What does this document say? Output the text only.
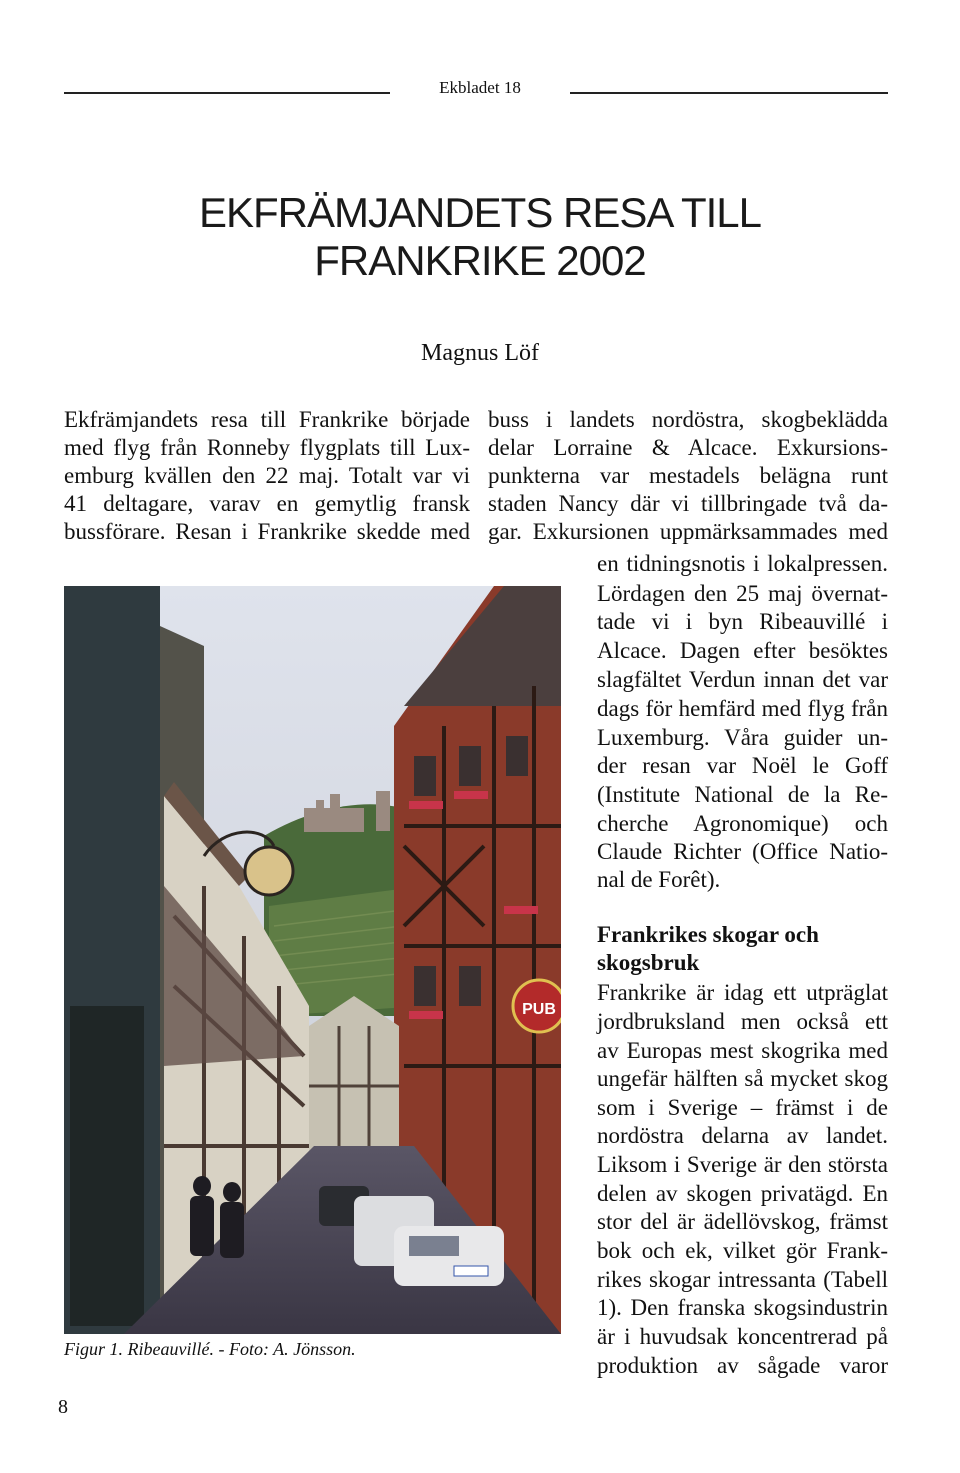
Ekbladet 18
EKFRÄMJANDETS RESA TILL
FRANKRIKE 2002
Magnus Löf
Ekfrämjandets resa till Frankrike började
med flyg från Ronneby flygplats till Lux-
emburg kvällen den 22 maj. Totalt var vi
41 deltagare, varav en gemytlig fransk
bussförare. Resan i Frankrike skedde med
buss i landets nordöstra, skogbeklädda
delar Lorraine & Alcace. Exkursions-
punkterna var mestadels belägna runt
staden Nancy där vi tillbringade två da-
gar. Exkursionen uppmärksammades med
en tidningsnotis i lokalpressen.
Lördagen den 25 maj övernat-
tade vi i byn Ribeauvillé i
Alcace. Dagen efter besöktes
slagfältet Verdun innan det var
dags för hemfärd med flyg från
Luxemburg. Våra guider un-
der resan var Noël le Goff
(Institute National de la Re-
cherche Agronomique) och
Claude Richter (Office Natio-
nal de Forêt).
Frankrikes skogar och
skogsbruk
Frankrike är idag ett utpräglat
jordbruksland men också ett
av Europas mest skogrika med
ungefär hälften så mycket skog
som i Sverige – främst i de
nordöstra delarna av landet.
Liksom i Sverige är den största
delen av skogen privatägd. En
stor del är ädellövskog, främst
bok och ek, vilket gör Frank-
rikes skogar intressanta (Tabell
1). Den franska skogsindustrin
är i huvudsak koncentrerad på
produktion av sågade varor
PUB
Figur 1. Ribeauvillé. - Foto: A. Jönsson.
8
